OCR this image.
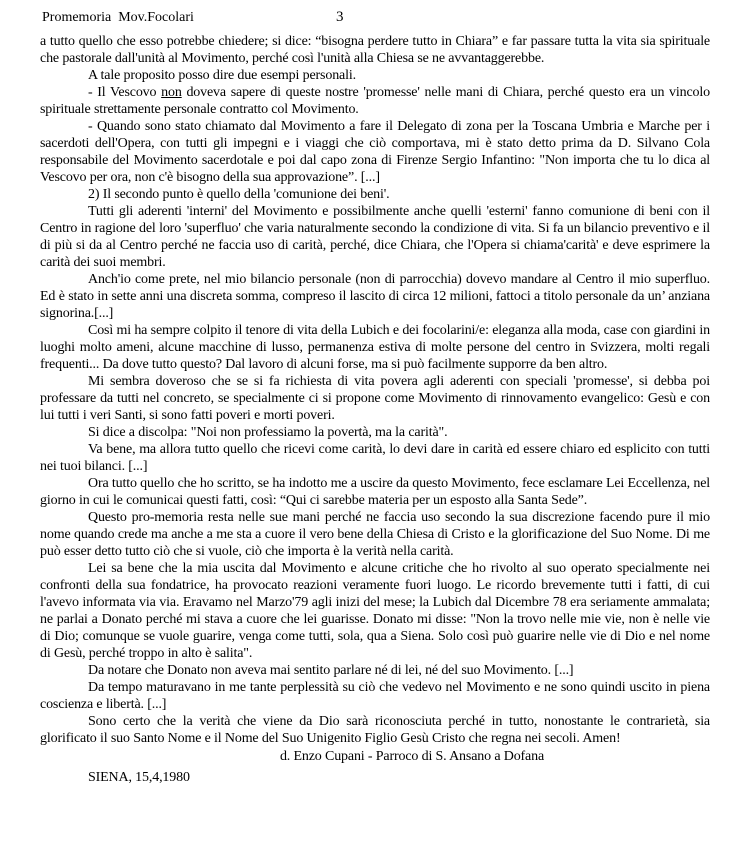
Promemoria  Mov.Focolari	3

a tutto quello che esso potrebbe chiedere; si dice: “bisogna perdere tutto in Chiara” e far passare tutta la vita sia spirituale che pastorale dall'unità al Movimento, perché così l'unità alla Chiesa se ne avvantaggerebbe.

A tale proposito posso dire due esempi personali.

- Il Vescovo non doveva sapere di queste nostre 'promesse' nelle mani di Chiara, perché questo era un vincolo spirituale strettamente personale contratto col Movimento.

- Quando sono stato chiamato dal Movimento a fare il Delegato di zona per la Toscana Umbria e Marche per i sacerdoti dell'Opera, con tutti gli impegni e i viaggi che ciò comportava, mi è stato detto prima da D. Silvano Cola responsabile del Movimento sacerdotale e poi dal capo zona di Firenze Sergio Infantino: "Non importa che tu lo dica al Vescovo per ora, non c'è bisogno della sua approvazione”. [...]

2) Il secondo punto è quello della 'comunione dei beni'.

Tutti gli aderenti 'interni' del Movimento e possibilmente anche quelli 'esterni' fanno comunione di beni con il Centro in ragione del loro 'superfluo' che varia naturalmente secondo la condizione di vita. Si fa un bilancio preventivo e il di più si da al Centro perché ne faccia uso di carità, perché, dice Chiara, che l'Opera si chiama'carità' e deve esprimere la carità dei suoi membri.

Anch'io come prete, nel mio bilancio personale (non di parrocchia) dovevo mandare al Centro il mio superfluo. Ed è stato in sette anni una discreta somma, compreso il lascito di circa 12 milioni, fattoci a titolo personale da un’ anziana signorina.[...]

Così mi ha sempre colpito il tenore di vita della Lubich e dei focolarini/e: eleganza alla moda, case con giardini in luoghi molto ameni, alcune macchine di lusso, permanenza estiva di molte persone del centro in Svizzera, molti regali frequenti... Da dove tutto questo? Dal lavoro di alcuni forse, ma si può facilmente supporre da ben altro.

Mi sembra doveroso che se si fa richiesta di vita povera agli aderenti con speciali 'promesse', si debba poi professare da tutti nel concreto, se specialmente ci si propone come Movimento di rinnovamento evangelico: Gesù e con lui tutti i veri Santi, si sono fatti poveri e morti poveri.

Si dice a discolpa: "Noi non professiamo la povertà, ma la carità".

Va bene, ma allora tutto quello che ricevi come carità, lo devi dare in carità ed essere chiaro ed esplicito con tutti nei tuoi bilanci. [...]

Ora tutto quello che ho scritto, se ha indotto me a uscire da questo Movimento, fece esclamare Lei Eccellenza, nel giorno in cui le comunicai questi fatti, così: “Qui ci sarebbe materia per un esposto alla Santa Sede”.

Questo pro-memoria resta nelle sue mani perché ne faccia uso secondo la sua discrezione facendo pure il mio nome quando crede ma anche a me sta a cuore il vero bene della Chiesa di Cristo e la glorificazione del Suo Nome. Di me può esser detto tutto ciò che si vuole, ciò che importa è la verità nella carità.

Lei sa bene che la mia uscita dal Movimento e alcune critiche che ho rivolto al suo operato specialmente nei confronti della sua fondatrice, ha provocato reazioni veramente fuori luogo. Le ricordo brevemente tutti i fatti, di cui l'avevo informata via via. Eravamo nel Marzo'79 agli inizi del mese; la Lubich dal Dicembre 78 era seriamente ammalata; ne parlai a Donato perché mi stava a cuore che lei guarisse. Donato mi disse: "Non la trovo nelle mie vie, non è nelle vie di Dio; comunque se vuole guarire, venga come tutti, sola, qua a Siena. Solo così può guarire nelle vie di Dio e nel nome di Gesù, perché troppo in alto è salita".

Da notare che Donato non aveva mai sentito parlare né di lei, né del suo Movimento. [...]

Da tempo maturavano in me tante perplessità su ciò che vedevo nel Movimento e ne sono quindi uscito in piena coscienza e libertà. [...]

Sono certo che la verità che viene da Dio sarà riconosciuta perché in tutto, nonostante le contrarietà, sia glorificato il suo Santo Nome e il Nome del Suo Unigenito Figlio Gesù Cristo che regna nei secoli. Amen!

d. Enzo Cupani - Parroco di S. Ansano a Dofana

SIENA, 15,4,1980
